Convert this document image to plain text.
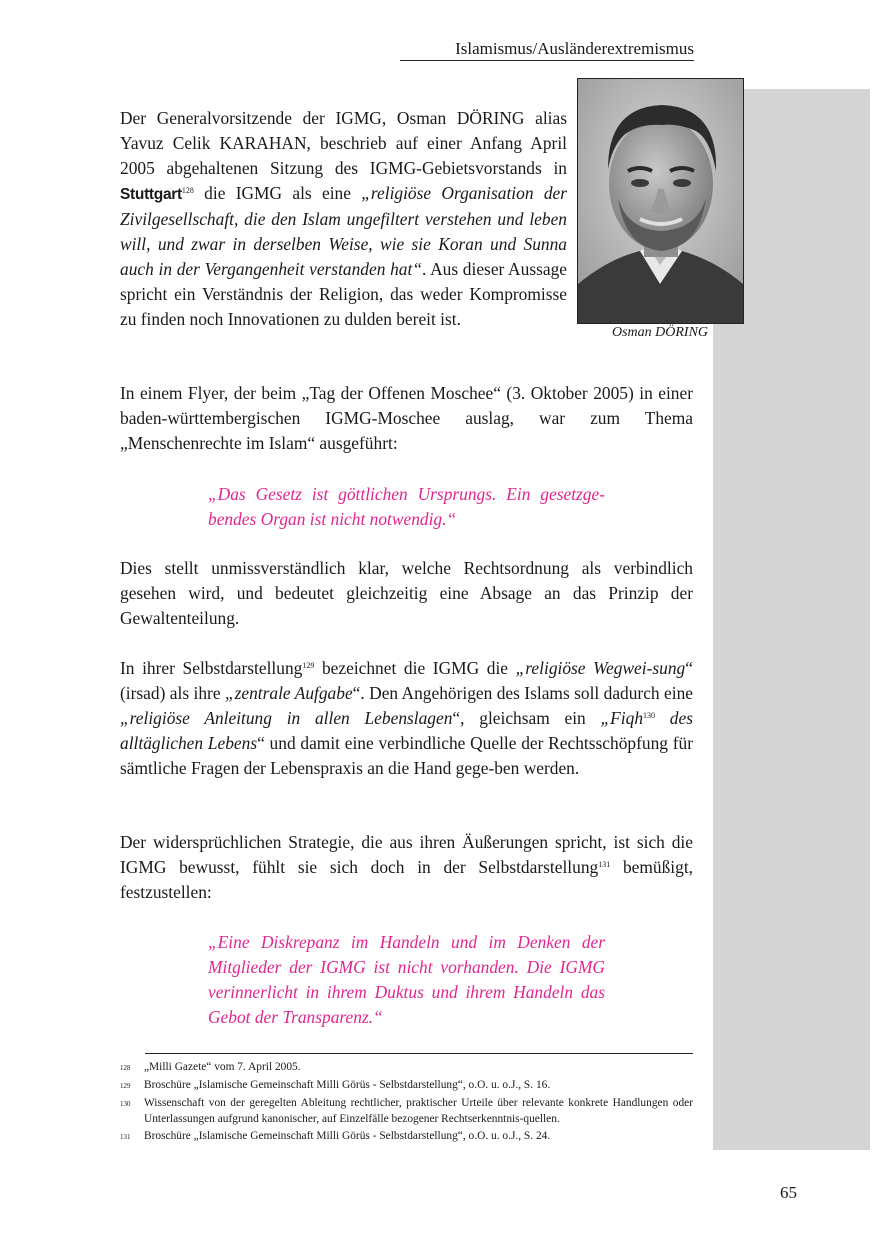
Islamismus/Ausländerextremismus
Osman DÖRING
Der Generalvorsitzende der IGMG, Osman DÖRING alias Yavuz Celik KARAHAN, beschrieb auf einer Anfang April 2005 abgehaltenen Sitzung des IGMG-Gebietsvorstands in Stuttgart$^{128}$ die IGMG als eine „religiöse Organisation der Zivilgesellschaft, die den Islam ungefiltert verstehen und leben will, und zwar in derselben Weise, wie sie Koran und Sunna auch in der Vergangenheit verstanden hat“. Aus dieser Aussage spricht ein Verständnis der Religion, das weder Kompromisse zu finden noch Innovationen zu dulden bereit ist.
In einem Flyer, der beim „Tag der Offenen Moschee“ (3. Oktober 2005) in einer baden-württembergischen IGMG-Moschee auslag, war zum Thema „Menschenrechte im Islam“ ausgeführt:
„Das Gesetz ist göttlichen Ursprungs. Ein gesetzge-
bendes Organ ist nicht notwendig.“
Dies stellt unmissverständlich klar, welche Rechtsordnung als verbindlich gesehen wird, und bedeutet gleichzeitig eine Absage an das Prinzip der Gewaltenteilung.
In ihrer Selbstdarstellung$^{129}$ bezeichnet die IGMG die „religiöse Wegwei-sung“ (irsad) als ihre „zentrale Aufgabe“. Den Angehörigen des Islams soll dadurch eine „religiöse Anleitung in allen Lebenslagen“, gleichsam ein „Fiqh$^{130}$ des alltäglichen Lebens“ und damit eine verbindliche Quelle der Rechtsschöpfung für sämtliche Fragen der Lebenspraxis an die Hand gege-ben werden.
Der widersprüchlichen Strategie, die aus ihren Äußerungen spricht, ist sich die IGMG bewusst, fühlt sie sich doch in der Selbstdarstellung$^{131}$ bemüßigt, festzustellen:
„Eine Diskrepanz im Handeln und im Denken der Mitglieder der IGMG ist nicht vorhanden. Die IGMG verinnerlicht in ihrem Duktus und ihrem Handeln das Gebot der Transparenz.“
128	„Milli Gazete“ vom 7. April 2005.
129	Broschüre „Islamische Gemeinschaft Milli Görüs - Selbstdarstellung“, o.O. u. o.J., S. 16.
130	Wissenschaft von der geregelten Ableitung rechtlicher, praktischer Urteile über relevante konkrete Handlungen oder Unterlassungen aufgrund kanonischer, auf Einzelfälle bezogener Rechtserkenntnis-quellen.
131	Broschüre „Islamische Gemeinschaft Milli Görüs - Selbstdarstellung“, o.O. u. o.J., S. 24.
65
